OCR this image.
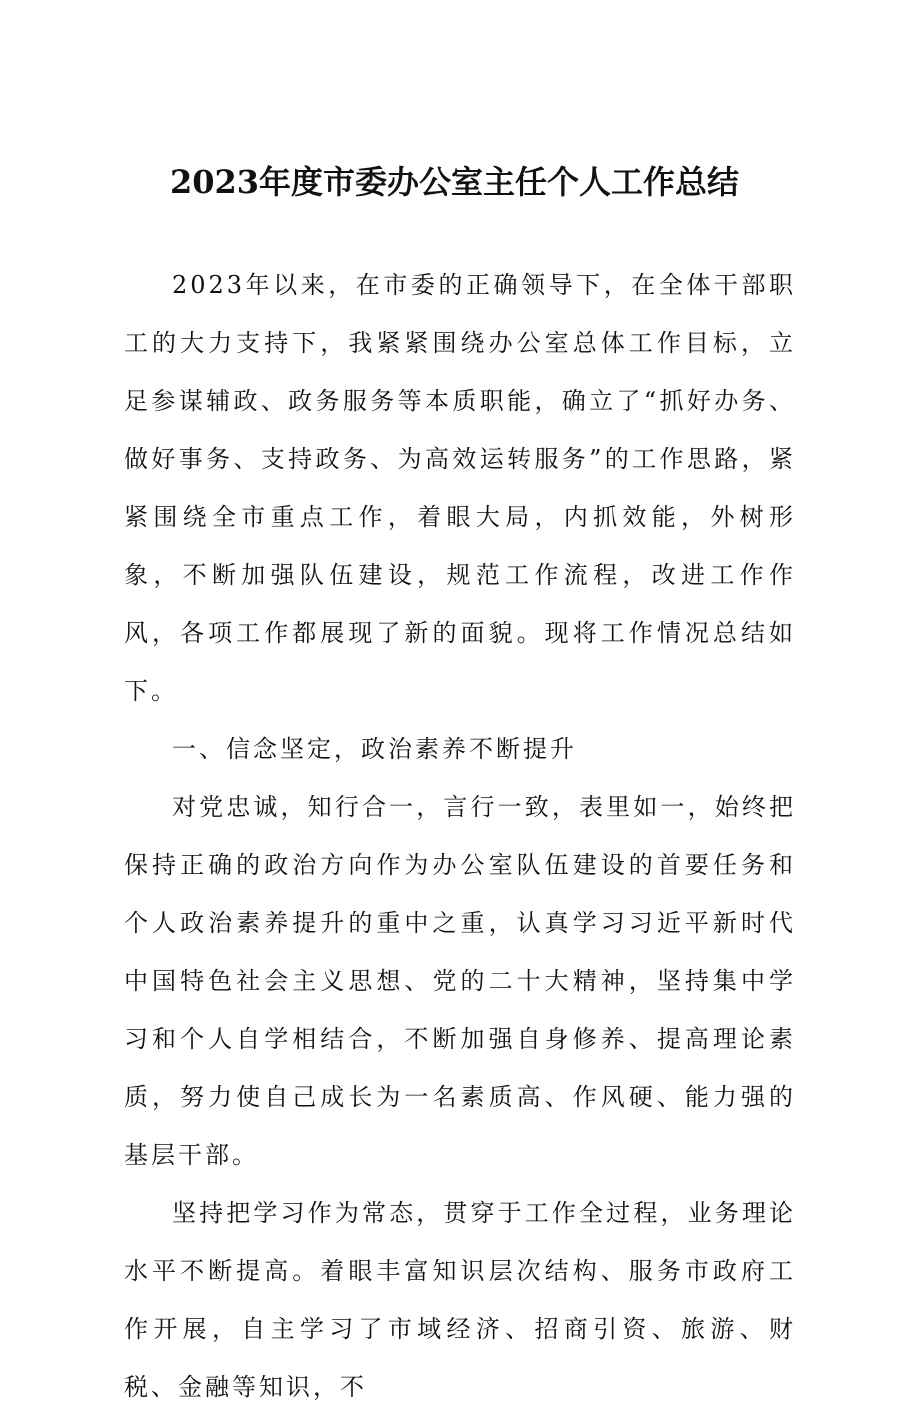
2023年度市委办公室主任个人工作总结

2023年以来，在市委的正确领导下，在全体干部职工的大力支持下，我紧紧围绕办公室总体工作目标，立足参谋辅政、政务服务等本质职能，确立了“抓好办务、做好事务、支持政务、为高效运转服务”的工作思路，紧紧围绕全市重点工作，着眼大局，内抓效能，外树形象，不断加强队伍建设，规范工作流程，改进工作作风，各项工作都展现了新的面貌。现将工作情况总结如下。

一、信念坚定，政治素养不断提升

对党忠诚，知行合一，言行一致，表里如一，始终把保持正确的政治方向作为办公室队伍建设的首要任务和个人政治素养提升的重中之重，认真学习习近平新时代中国特色社会主义思想、党的二十大精神，坚持集中学习和个人自学相结合，不断加强自身修养、提高理论素质，努力使自己成长为一名素质高、作风硬、能力强的基层干部。

坚持把学习作为常态，贯穿于工作全过程，业务理论水平不断提高。着眼丰富知识层次结构、服务市政府工作开展，自主学习了市域经济、招商引资、旅游、财税、金融等知识，不
